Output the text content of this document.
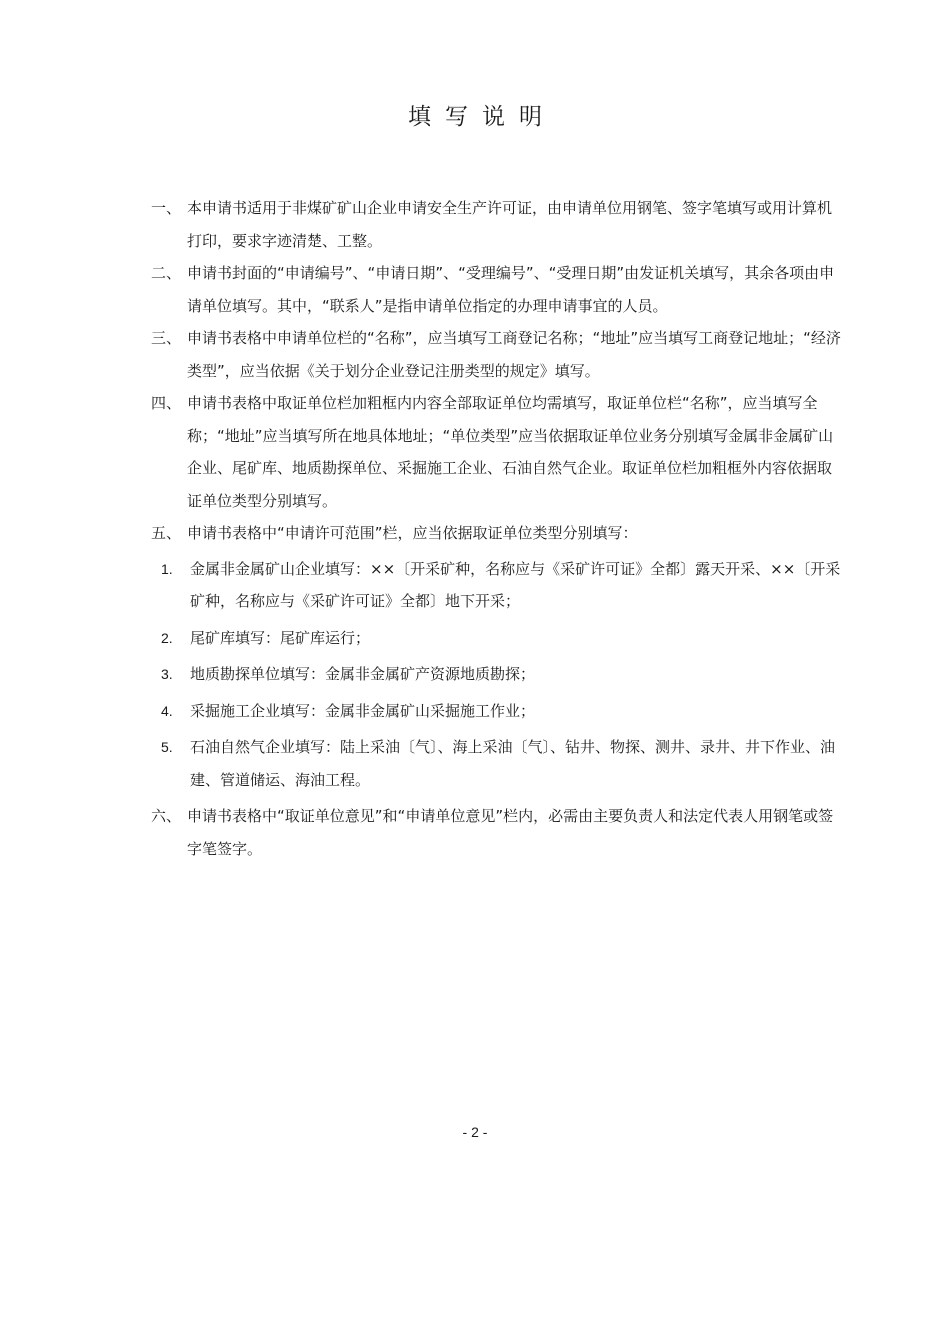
填写说明
一、 本申请书适用于非煤矿矿山企业申请安全生产许可证，由申请单位用钢笔、签字笔填写或用计算机打印，要求字迹清楚、工整。
二、 申请书封面的“申请编号”、“申请日期”、“受理编号”、“受理日期”由发证机关填写，其余各项由申请单位填写。其中，“联系人”是指申请单位指定的办理申请事宜的人员。
三、 申请书表格中申请单位栏的“名称”，应当填写工商登记名称；“地址”应当填写工商登记地址；“经济类型”，应当依据《关于划分企业登记注册类型的规定》填写。
四、 申请书表格中取证单位栏加粗框内内容全部取证单位均需填写，取证单位栏“名称”，应当填写全称；“地址”应当填写所在地具体地址；“单位类型”应当依据取证单位业务分别填写金属非金属矿山企业、尾矿库、地质勘探单位、采掘施工企业、石油自然气企业。取证单位栏加粗框外内容依据取证单位类型分别填写。
五、 申请书表格中“申请许可范围”栏，应当依据取证单位类型分别填写：
1.	金属非金属矿山企业填写：××〔开采矿种，名称应与《采矿许可证》全都〕露天开采、××〔开采矿种，名称应与《采矿许可证》全都〕地下开采；
2.	尾矿库填写：尾矿库运行；
3.	地质勘探单位填写：金属非金属矿产资源地质勘探；
4.	采掘施工企业填写：金属非金属矿山采掘施工作业；
5.	石油自然气企业填写：陆上采油〔气〕、海上采油〔气〕、钻井、物探、测井、录井、井下作业、油建、管道储运、海油工程。
六、 申请书表格中“取证单位意见”和“申请单位意见”栏内，必需由主要负责人和法定代表人用钢笔或签字笔签字。
- 2 -
